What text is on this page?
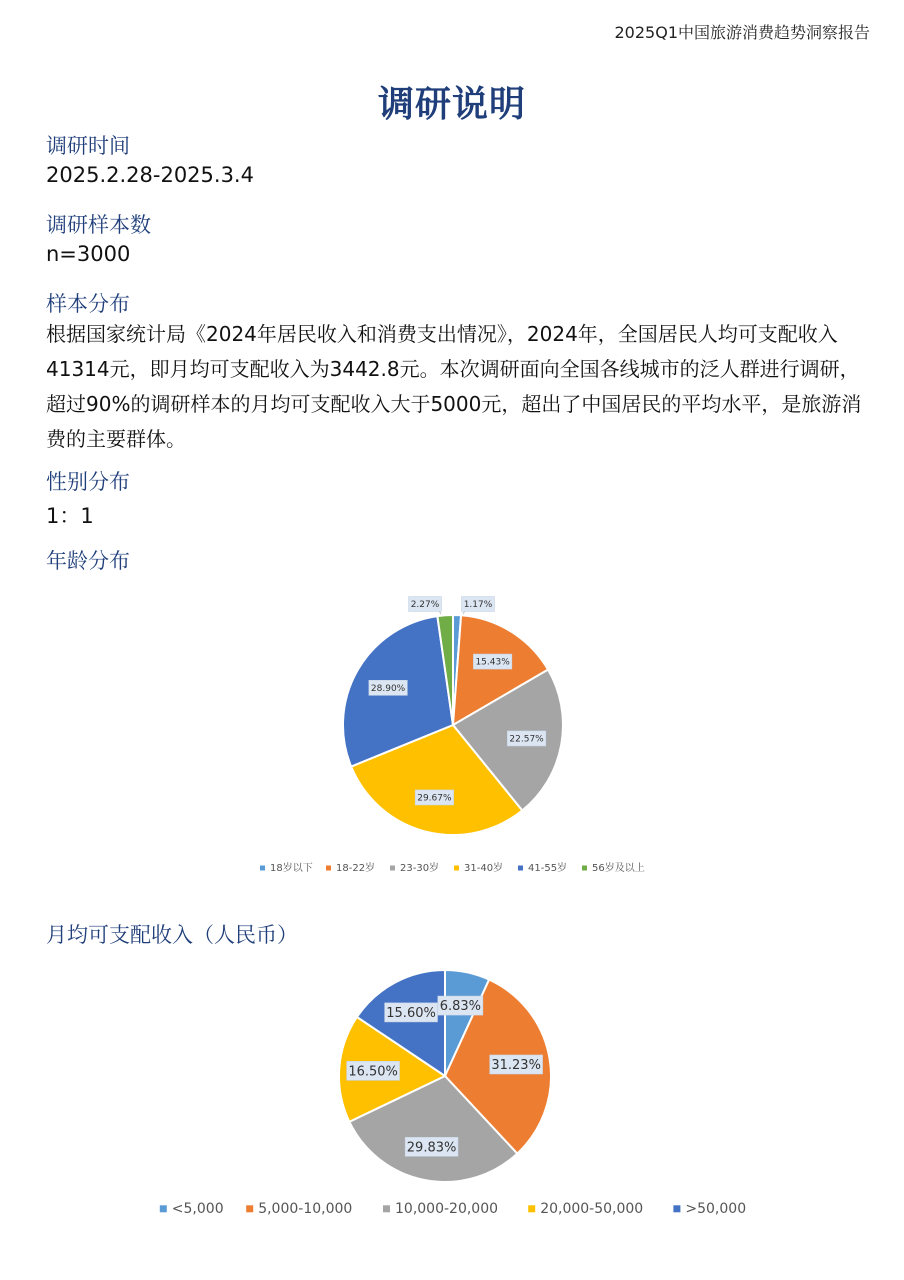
2025Q1中国旅游消费趋势洞察报告
调研说明
调研时间
2025.2.28-2025.3.4
调研样本数
n=3000
样本分布
根据国家统计局《2024年居民收入和消费支出情况》，2024年，全国居民人均可支配收入41314元，即月均可支配收入为3442.8元。本次调研面向全国各线城市的泛人群进行调研，超过90%的调研样本的月均可支配收入大于5000元，超出了中国居民的平均水平，是旅游消费的主要群体。
性别分布
1：1
年龄分布
1.17%
15.43%
22.57%
29.67%
28.90%
2.27%
18岁以下 18-22岁 23-30岁 31-40岁 41-55岁 56岁及以上
月均可支配收入（人民币）
6.83%
31.23%
29.83%
16.50%
15.60%
<5,000 5,000-10,000	10,000-20,000	20,000-50,000	>50,000
